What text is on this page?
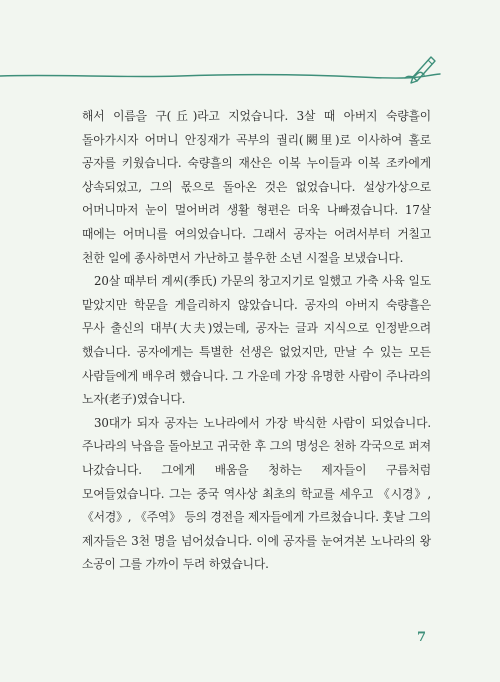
해서 이름을 구(丘)라고 지었습니다. 3살 때 아버지 숙량흘이 돌아가시자 어머니 안징재가 곡부의 궐리(闕里)로 이사하여 홀로 공자를 키웠습니다. 숙량흘의 재산은 이복 누이들과 이복 조카에게 상속되었고, 그의 몫으로 돌아온 것은 없었습니다. 설상가상으로 어머니마저 눈이 멀어버려 생활 형편은 더욱 나빠졌습니다. 17살 때에는 어머니를 여의었습니다. 그래서 공자는 어려서부터 거칠고 천한 일에 종사하면서 가난하고 불우한 소년 시절을 보냈습니다.

20살 때부터 계씨(季氏) 가문의 창고지기로 일했고 가축 사육 일도 맡았지만 학문을 게을리하지 않았습니다. 공자의 아버지 숙량흘은 무사 출신의 대부(大夫)였는데, 공자는 글과 지식으로 인정받으려 했습니다. 공자에게는 특별한 선생은 없었지만, 만날 수 있는 모든 사람들에게 배우려 했습니다. 그 가운데 가장 유명한 사람이 주나라의 노자(老子)였습니다.

30대가 되자 공자는 노나라에서 가장 박식한 사람이 되었습니다. 주나라의 낙읍을 돌아보고 귀국한 후 그의 명성은 천하 각국으로 퍼져 나갔습니다. 그에게 배움을 청하는 제자들이 구름처럼 모여들었습니다. 그는 중국 역사상 최초의 학교를 세우고 《시경》, 《서경》, 《주역》 등의 경전을 제자들에게 가르쳤습니다. 훗날 그의 제자들은 3천 명을 넘어섰습니다. 이에 공자를 눈여겨본 노나라의 왕 소공이 그를 가까이 두려 하였습니다.

7
